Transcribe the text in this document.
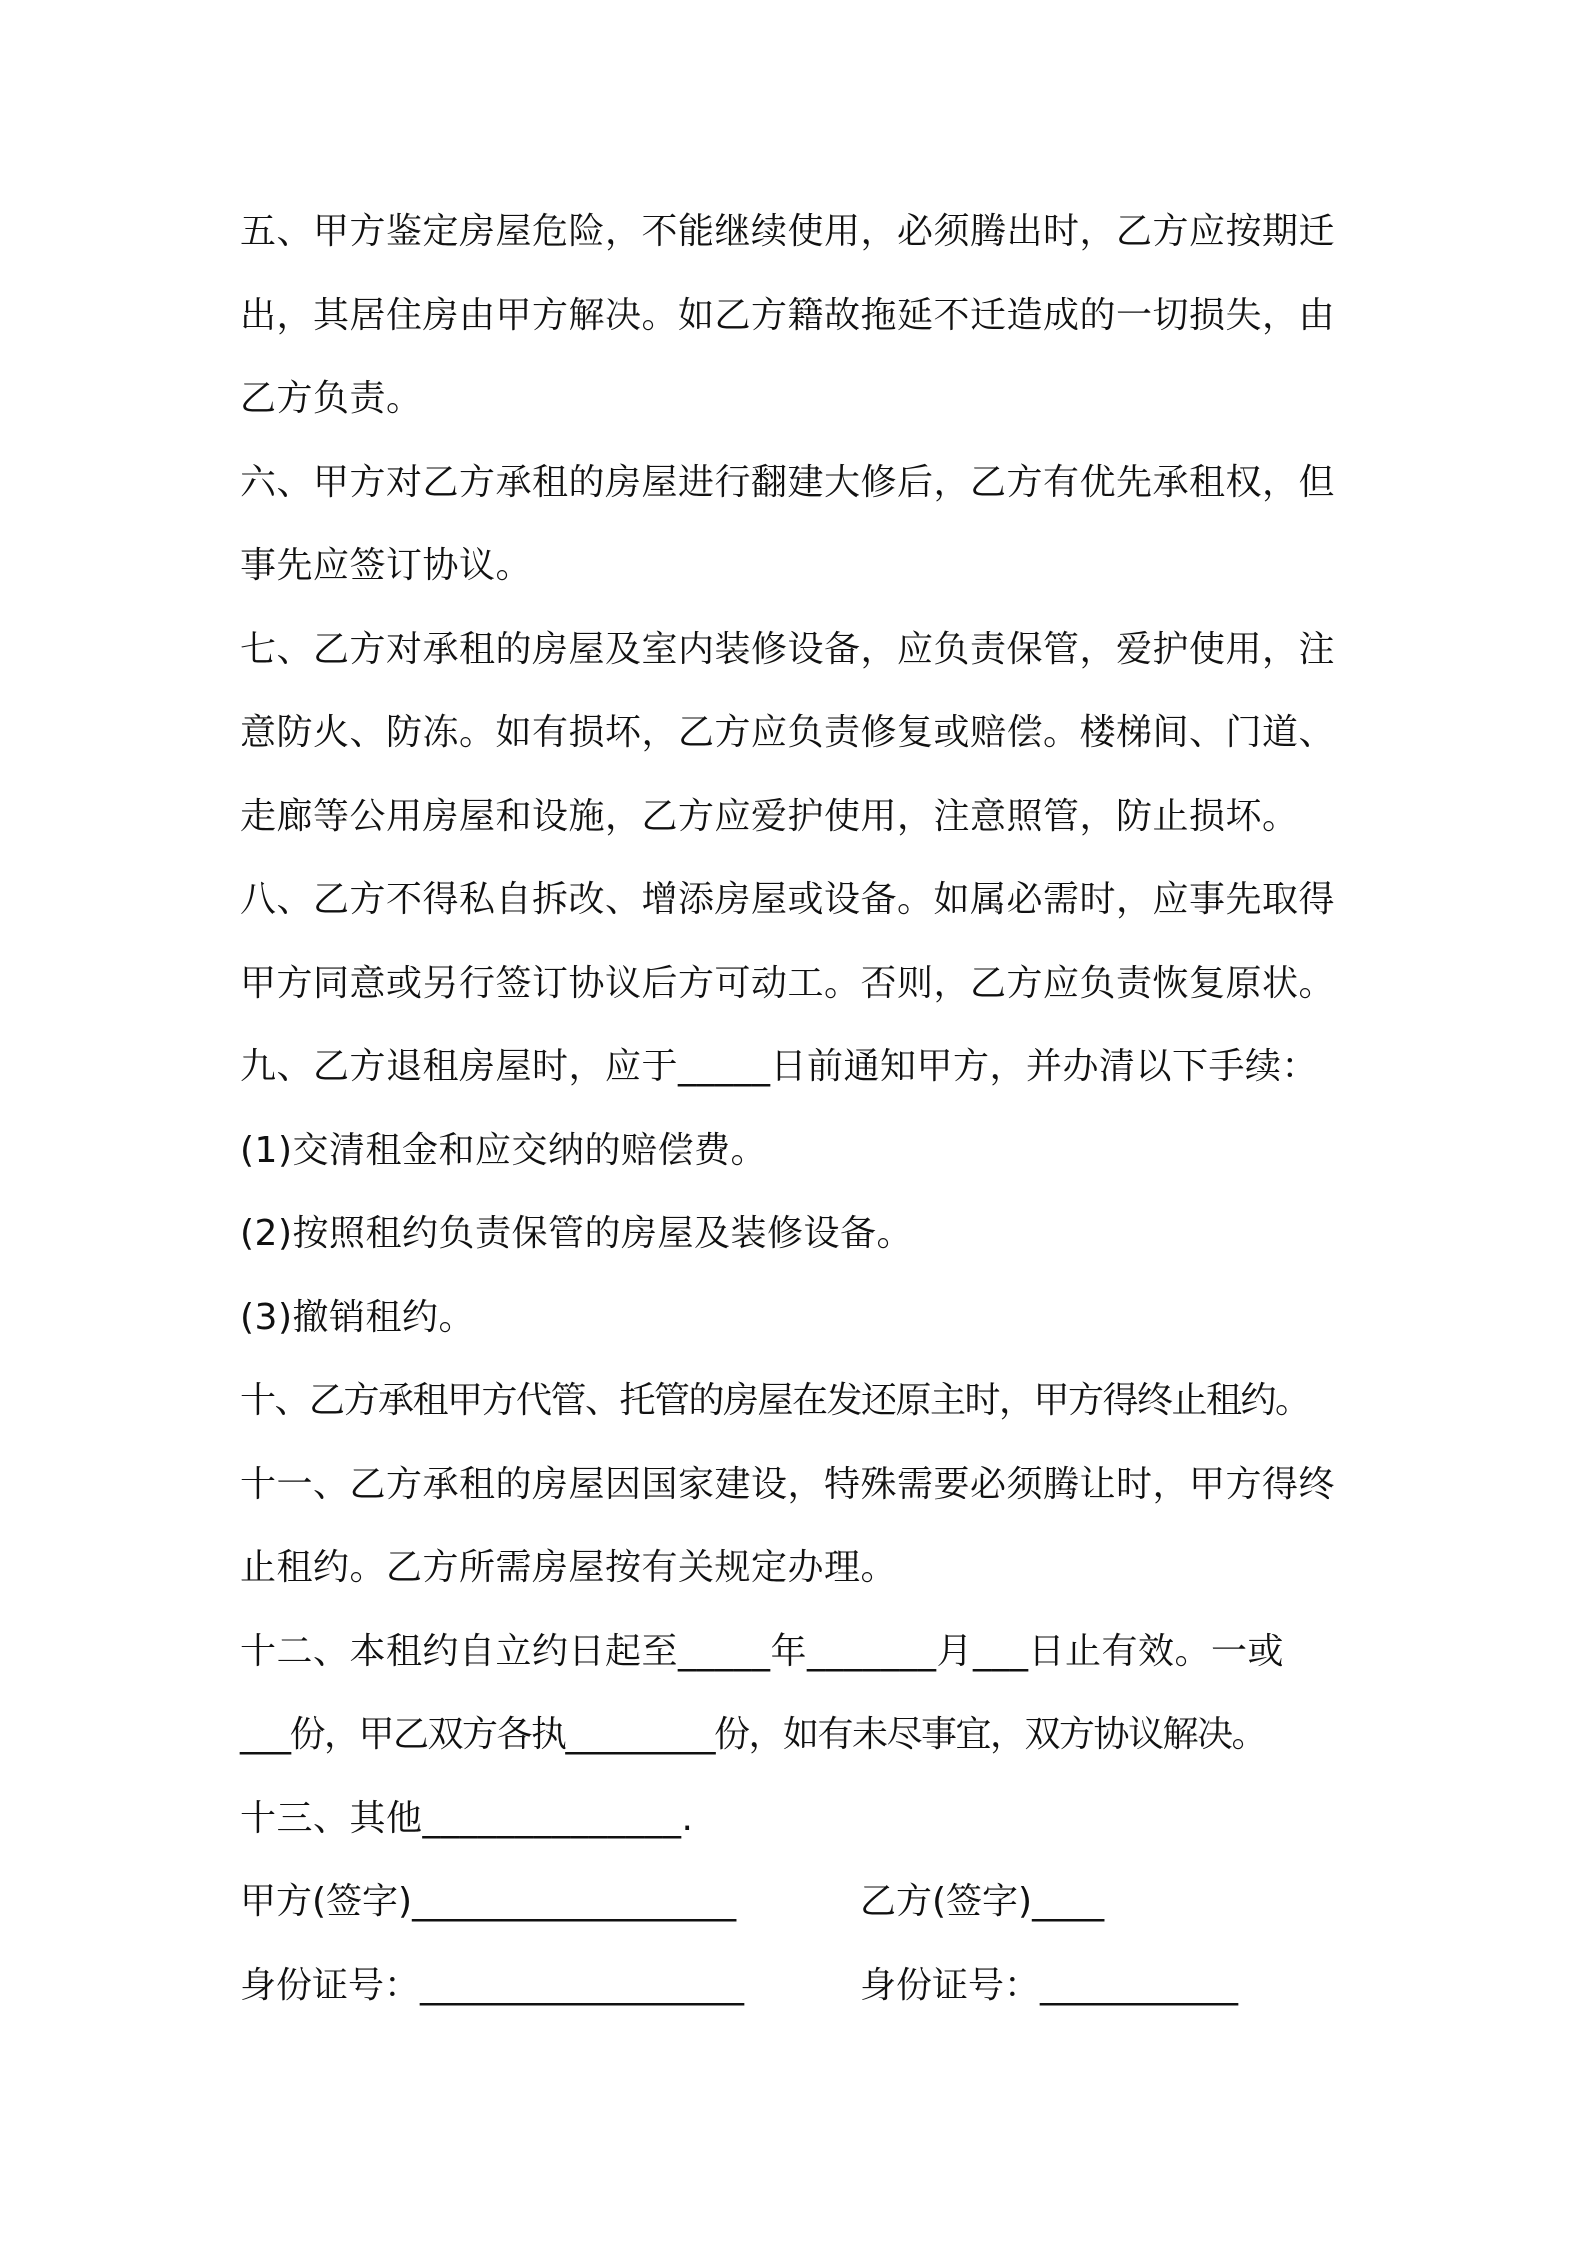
五、甲方鉴定房屋危险，不能继续使用，必须腾出时，乙方应按期迁
出，其居住房由甲方解决。如乙方籍故拖延不迁造成的一切损失，由
乙方负责。
六、甲方对乙方承租的房屋进行翻建大修后，乙方有优先承租权，但
事先应签订协议。
七、乙方对承租的房屋及室内装修设备，应负责保管，爱护使用，注
意防火、防冻。如有损坏，乙方应负责修复或赔偿。楼梯间、门道、
走廊等公用房屋和设施，乙方应爱护使用，注意照管，防止损坏。
八、乙方不得私自拆改、增添房屋或设备。如属必需时，应事先取得
甲方同意或另行签订协议后方可动工。否则，乙方应负责恢复原状。
九、乙方退租房屋时，应于_____日前通知甲方，并办清以下手续：
(1)交清租金和应交纳的赔偿费。
(2)按照租约负责保管的房屋及装修设备。
(3)撤销租约。
十、乙方承租甲方代管、托管的房屋在发还原主时，甲方得终止租约。
十一、乙方承租的房屋因国家建设，特殊需要必须腾让时，甲方得终
止租约。乙方所需房屋按有关规定办理。
十二、本租约自立约日起至_____年_______月___日止有效。一或
___份，甲乙双方各执_________份，如有未尽事宜，双方协议解决。
十三、其他______________.
甲方(签字)__________________	乙方(签字)____
身份证号：__________________	身份证号：___________
